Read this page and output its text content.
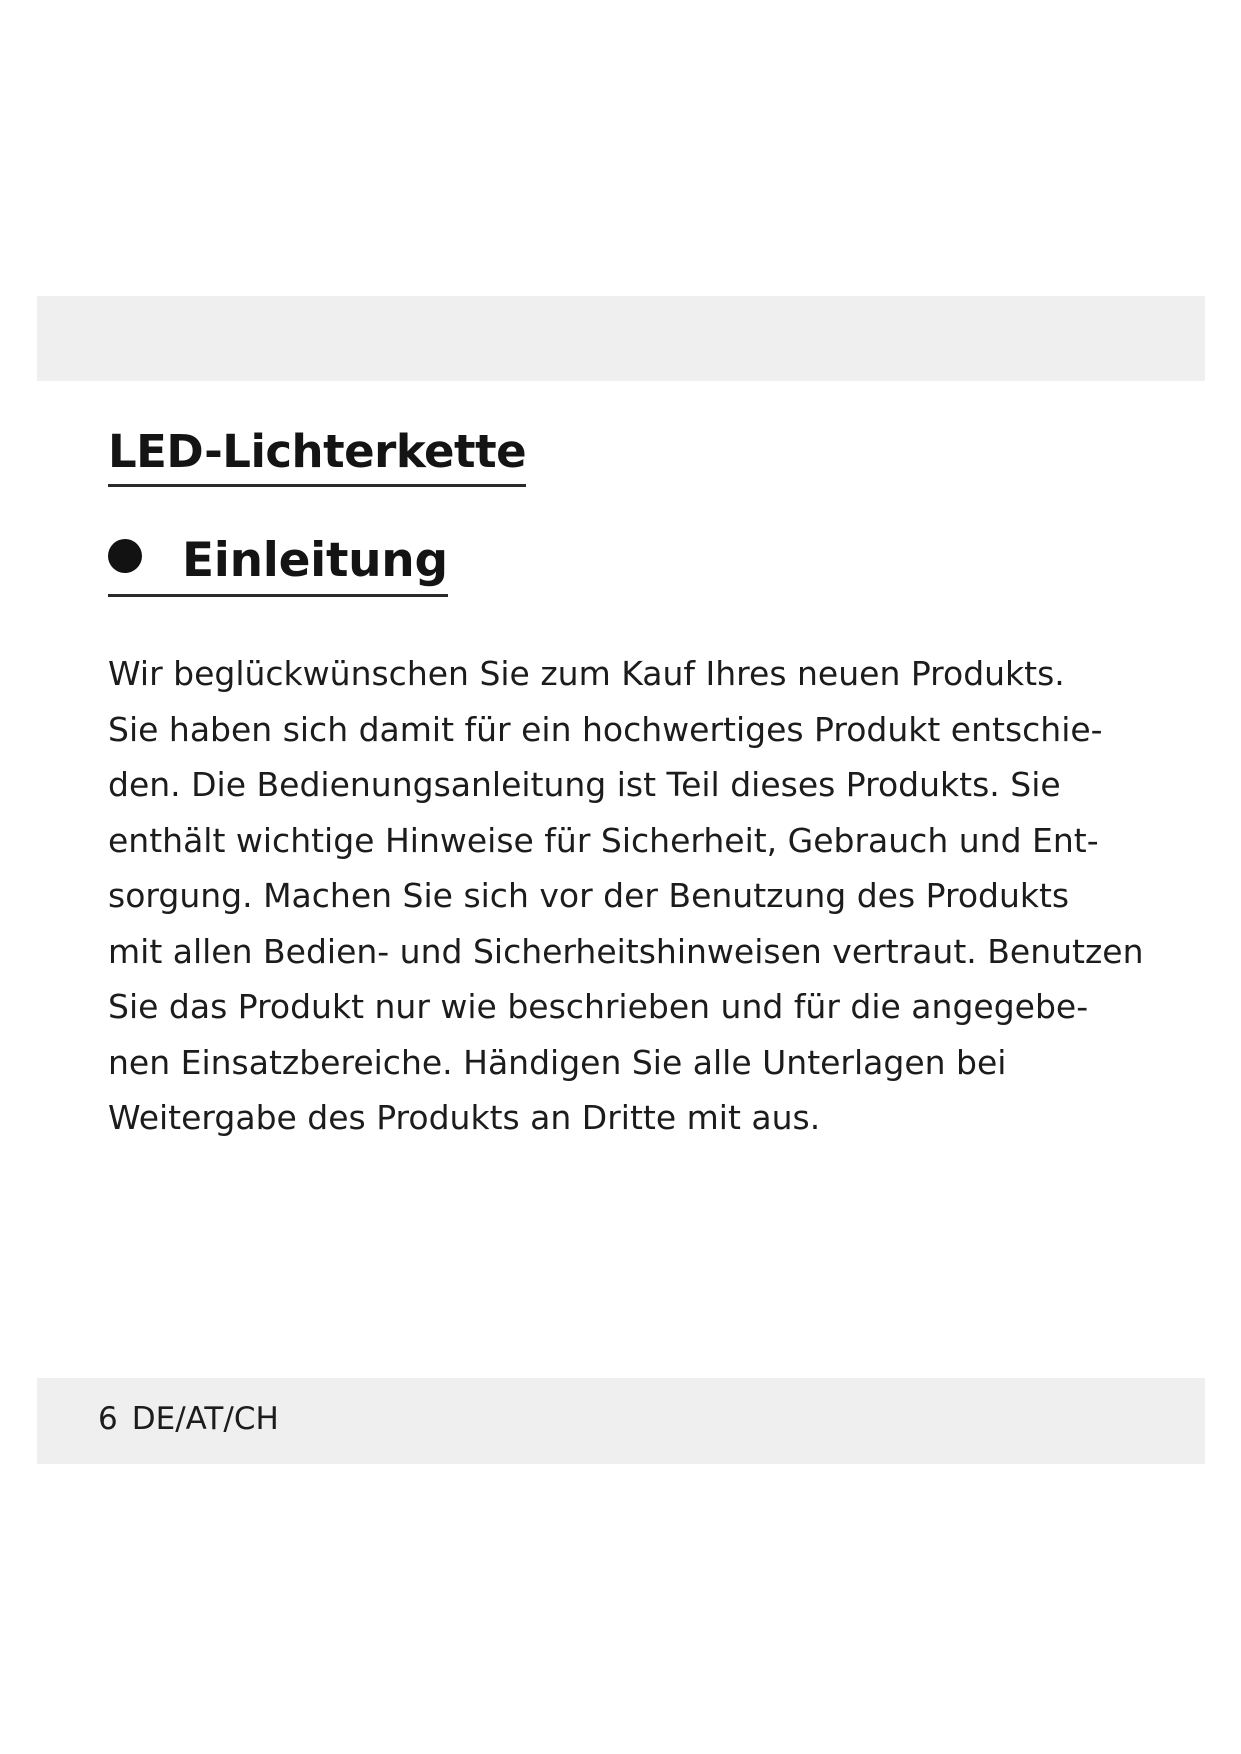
LED-Lichterkette
Einleitung

Wir beglückwünschen Sie zum Kauf Ihres neuen Produkts.
Sie haben sich damit für ein hochwertiges Produkt entschie-
den. Die Bedienungsanleitung ist Teil dieses Produkts. Sie
enthält wichtige Hinweise für Sicherheit, Gebrauch und Ent-
sorgung. Machen Sie sich vor der Benutzung des Produkts
mit allen Bedien- und Sicherheitshinweisen vertraut. Benutzen
Sie das Produkt nur wie beschrieben und für die angegebe-
nen Einsatzbereiche. Händigen Sie alle Unterlagen bei
Weitergabe des Produkts an Dritte mit aus.

6 DE/AT/CH
